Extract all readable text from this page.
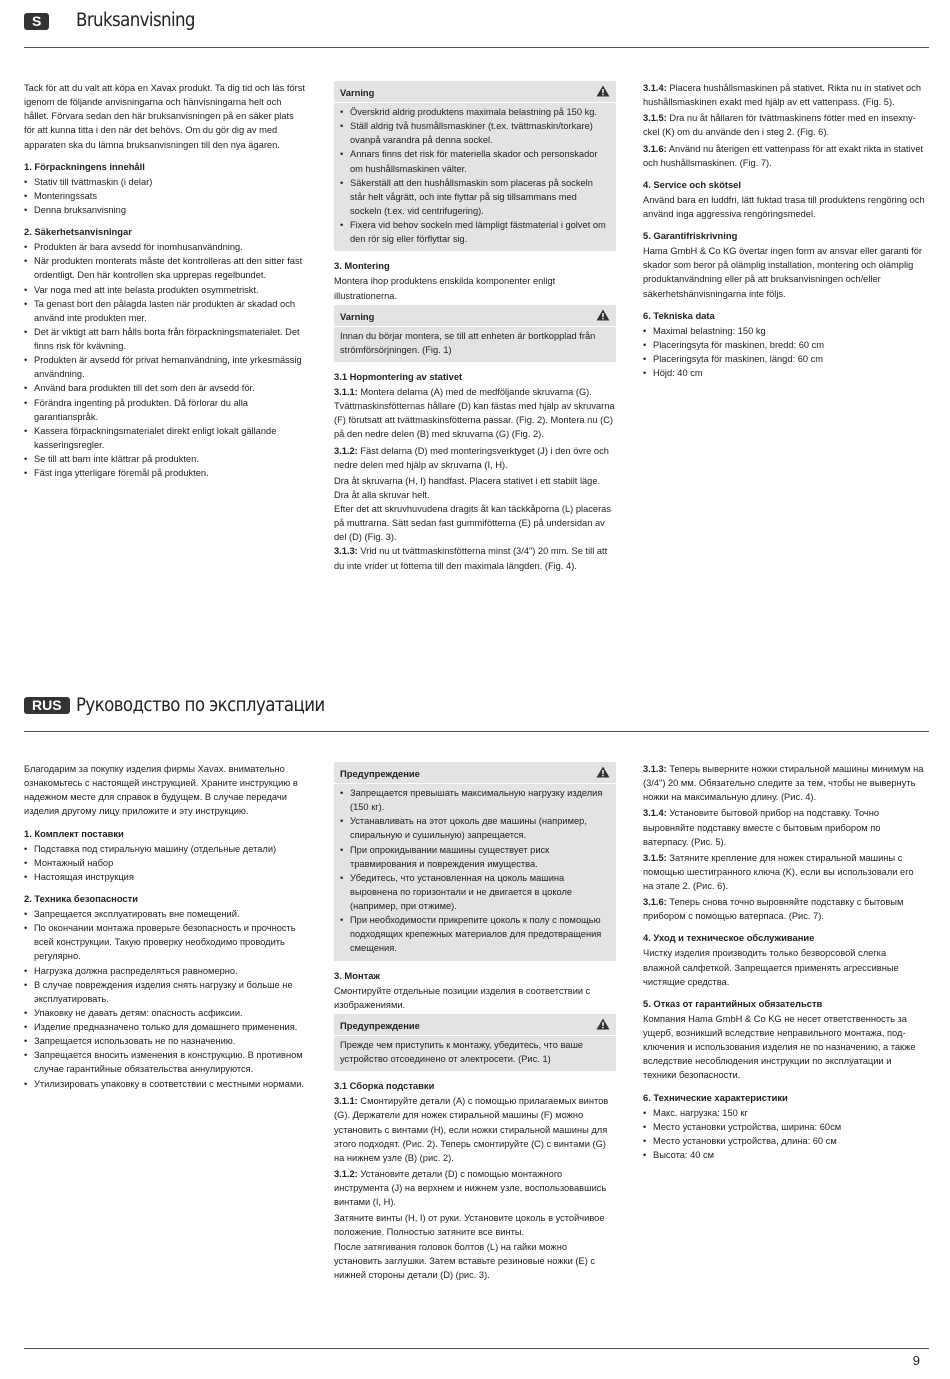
S	Bruksanvisning

Tack för att du valt att köpa en Xavax produkt. Ta dig tid och läs först igenom de följande anvisningarna och hänvisningarna helt och hållet. Förvara sedan den här bruksanvisningen på en säker plats för att kunna titta i den när det behövs. Om du gör dig av med apparaten ska du lämna bruksanvisningen till den nya ägaren.

1. Förpackningens innehåll
• Stativ till tvättmaskin (i delar)
• Monteringssats
• Denna bruksanvisning
2. Säkerhetsanvisningar
• Produkten är bara avsedd för inomhusanvändning.
• När produkten monterats måste det kontrolleras att den sitter fast ordentligt. Den här kontrollen ska upprepas regelbundet.
• Var noga med att inte belasta produkten osymmetriskt.
• Ta genast bort den pålagda lasten när produkten är skadad och använd inte produkten mer.
• Det är viktigt att barn hålls borta från förpackningsmaterialet. Det finns risk för kvävning.
• Produkten är avsedd för privat hemanvändning, inte yrkesmässig användning.
• Använd bara produkten till det som den är avsedd för.
• Förändra ingenting på produkten. Då förlorar du alla garantianspråk.
• Kassera förpackningsmaterialet direkt enligt lokalt gällande kasseringsregler.
• Se till att barn inte klättrar på produkten.
• Fäst inga ytterligare föremål på produkten.
Varning
• Överskrid aldrig produktens maximala belastning på 150 kg.
• Ställ aldrig två husmållsmaskiner (t.ex. tvättmaskin/torkare) ovanpå varandra på denna sockel.
• Annars finns det risk för materiella skador och personskador om hushållsmaskinen välter.
• Säkerställ att den hushållsmaskin som placeras på sockeln står helt vågrätt, och inte flyttar på sig tillsammans med sockeln (t.ex. vid centrifugering).
• Fixera vid behov sockeln med lämpligt fästmaterial i golvet om den rör sig eller förflyttar sig.
3. Montering

Montera ihop produktens enskilda komponenter enligt illustrationerna.

Varning

Innan du börjar montera, se till att enheten är bortkopplad från strömförsörjningen. (Fig. 1)

3.1 Hopmontering av stativet

3.1.1: Montera delarna (A) med de medföljande skruvarna (G). Tvättmaskinsfötternas hållare (D) kan fästas med hjälp av skruvarna (F) förutsatt att tvättmaskinsfötterna passar. (Fig. 2). Montera nu (C) på den nedre delen (B) med skruvarna (G) (Fig. 2).

3.1.2: Fäst delarna (D) med monteringsverktyget (J) i den övre och nedre delen med hjälp av skruvarna (I, H).

Dra åt skruvarna (H, I) handfast. Placera stativet i ett stabilt läge. Dra åt alla skruvar helt.

Efter det att skruvhuvudena dragits åt kan täckkåporna (L) placeras på muttrarna. Sätt sedan fast gummifötterna (E) på undersidan av del (D) (Fig. 3).

3.1.3: Vrid nu ut tvättmaskinsfötterna minst (3/4") 20 mm. Se till att du inte vrider ut fötterna till den maximala längden. (Fig. 4).

3.1.4: Placera hushållsmaskinen på stativet. Rikta nu in stativet och hushållsmaskinen exakt med hjälp av ett vattenpass. (Fig. 5).

3.1.5: Dra nu åt hållaren för tvättmaskinens fötter med en insexnyckel (K) om du använde den i steg 2. (Fig. 6).

3.1.6: Använd nu återigen ett vattenpass för att exakt rikta in stativet och hushållsmaskinen. (Fig. 7).

4. Service och skötsel

Använd bara en luddfri, lätt fuktad trasa till produktens rengöring och använd inga aggressiva rengöringsmedel.

5. Garantifriskrivning

Hama GmbH & Co KG övertar ingen form av ansvar eller garanti för skador som beror på olämplig installation, montering och olämplig produktanvändning eller på att bruksanvisningen och/eller säkerhetshänvisningarna inte följs.

6. Tekniska data
• Maximal belastning: 150 kg
• Placeringsyta för maskinen, bredd: 60 cm
• Placeringsyta för maskinen, längd: 60 cm
• Höjd: 40 cm
RUS Руководство по эксплуатации

Благодарим за покупку изделия фирмы Xavax. внимательно ознакомьтесь с настоящей инструкцией. Храните инструкцию в надежном месте для справок в будущем. В случае передачи изделия другому лицу приложите и эту инструкцию.

1. Комплект поставки
• Подставка под стиральную машину (отдельные детали)
• Монтажный набор
• Настоящая инструкция
2. Техника безопасности
• Запрещается эксплуатировать вне помещений.
• По окончании монтажа проверьте безопасность и прочность всей конструкции. Такую проверку необходимо проводить регулярно.
• Нагрузка должна распределяться равномерно.
• В случае повреждения изделия снять нагрузку и больше не эксплуатировать.
• Упаковку не давать детям: опасность асфиксии.
• Изделие предназначено только для домашнего применения.
• Запрещается использовать не по назначению.
• Запрещается вносить изменения в конструкцию. В противном случае гарантийные обязательства аннулируются.
• Утилизировать упаковку в соответствии с местными нормами.
Предупреждение
• Запрещается превышать максимальную нагрузку изделия (150 кг).
• Устанавливать на этот цоколь две машины (например, спиральную и сушильную) запрещается.
• При опрокидывании машины существует риск травмирования и повреждения имущества.
• Убедитесь, что установленная на цоколь машина выровнена по горизонтали и не двигается в цоколе (например, при отжиме).
• При необходимости прикрепите цоколь к полу с помощью подходящих крепежных материалов для предотвращения смещения.
3. Монтаж

Смонтируйте отдельные позиции изделия в соответствии с изображениями.

Предупреждение

Прежде чем приступить к монтажу, убедитесь, что ваше устройство отсоединено от электросети. (Рис. 1)

3.1 Сборка подставки

3.1.1: Смонтируйте детали (A) с помощью прилагаемых винтов (G). Держатели для ножек стиральной машины (F) можно установить с винтами (H), если ножки стиральной машины для этого подходят. (Рис. 2). Теперь смонтируйте (C) с винтами (G) на нижнем узле (B) (рис. 2).

3.1.2: Установите детали (D) с помощью монтажного инструмента (J) на верхнем и нижнем узле, воспользовавшись винтами (I, H).

Затяните винты (H, I) от руки. Установите цоколь в устойчивое положение. Полностью затяните все винты.

После затягивания головок болтов (L) на гайки можно установить заглушки. Затем вставьте резиновые ножки (E) с нижней стороны детали (D) (рис. 3).

3.1.3: Теперь выверните ножки стиральной машины минимум на (3/4") 20 мм. Обязательно следите за тем, чтобы не вывернуть ножки на максимальную длину. (Рис. 4).

3.1.4: Установите бытовой прибор на подставку. Точно выровняйте подставку вместе с бытовым прибором по ватерпасу. (Рис. 5).

3.1.5: Затяните крепление для ножек стиральной машины с помощью шестигранного ключа (K), если вы использовали его на этапе 2. (Рис. 6).

3.1.6: Теперь снова точно выровняйте подставку с бытовым прибором с помощью ватерпаса. (Рис. 7).

4. Уход и техническое обслуживание

Чистку изделия производить только безворсовой слегка влажной салфеткой. Запрещается применять агрессивные чистящие средства.

5. Отказ от гарантийных обязательств

Компания Hama GmbH & Co KG не несет ответственность за ущерб, возникший вследствие неправильного монтажа, подключения и использования изделия не по назначению, а также вследствие несоблюдения инструкции по эксплуатации и техники безопасности.

6. Технические характеристики
• Макс. нагрузка: 150 кг
• Место установки устройства, ширина: 60см
• Место установки устройства, длина: 60 см
• Высота: 40 см
9
